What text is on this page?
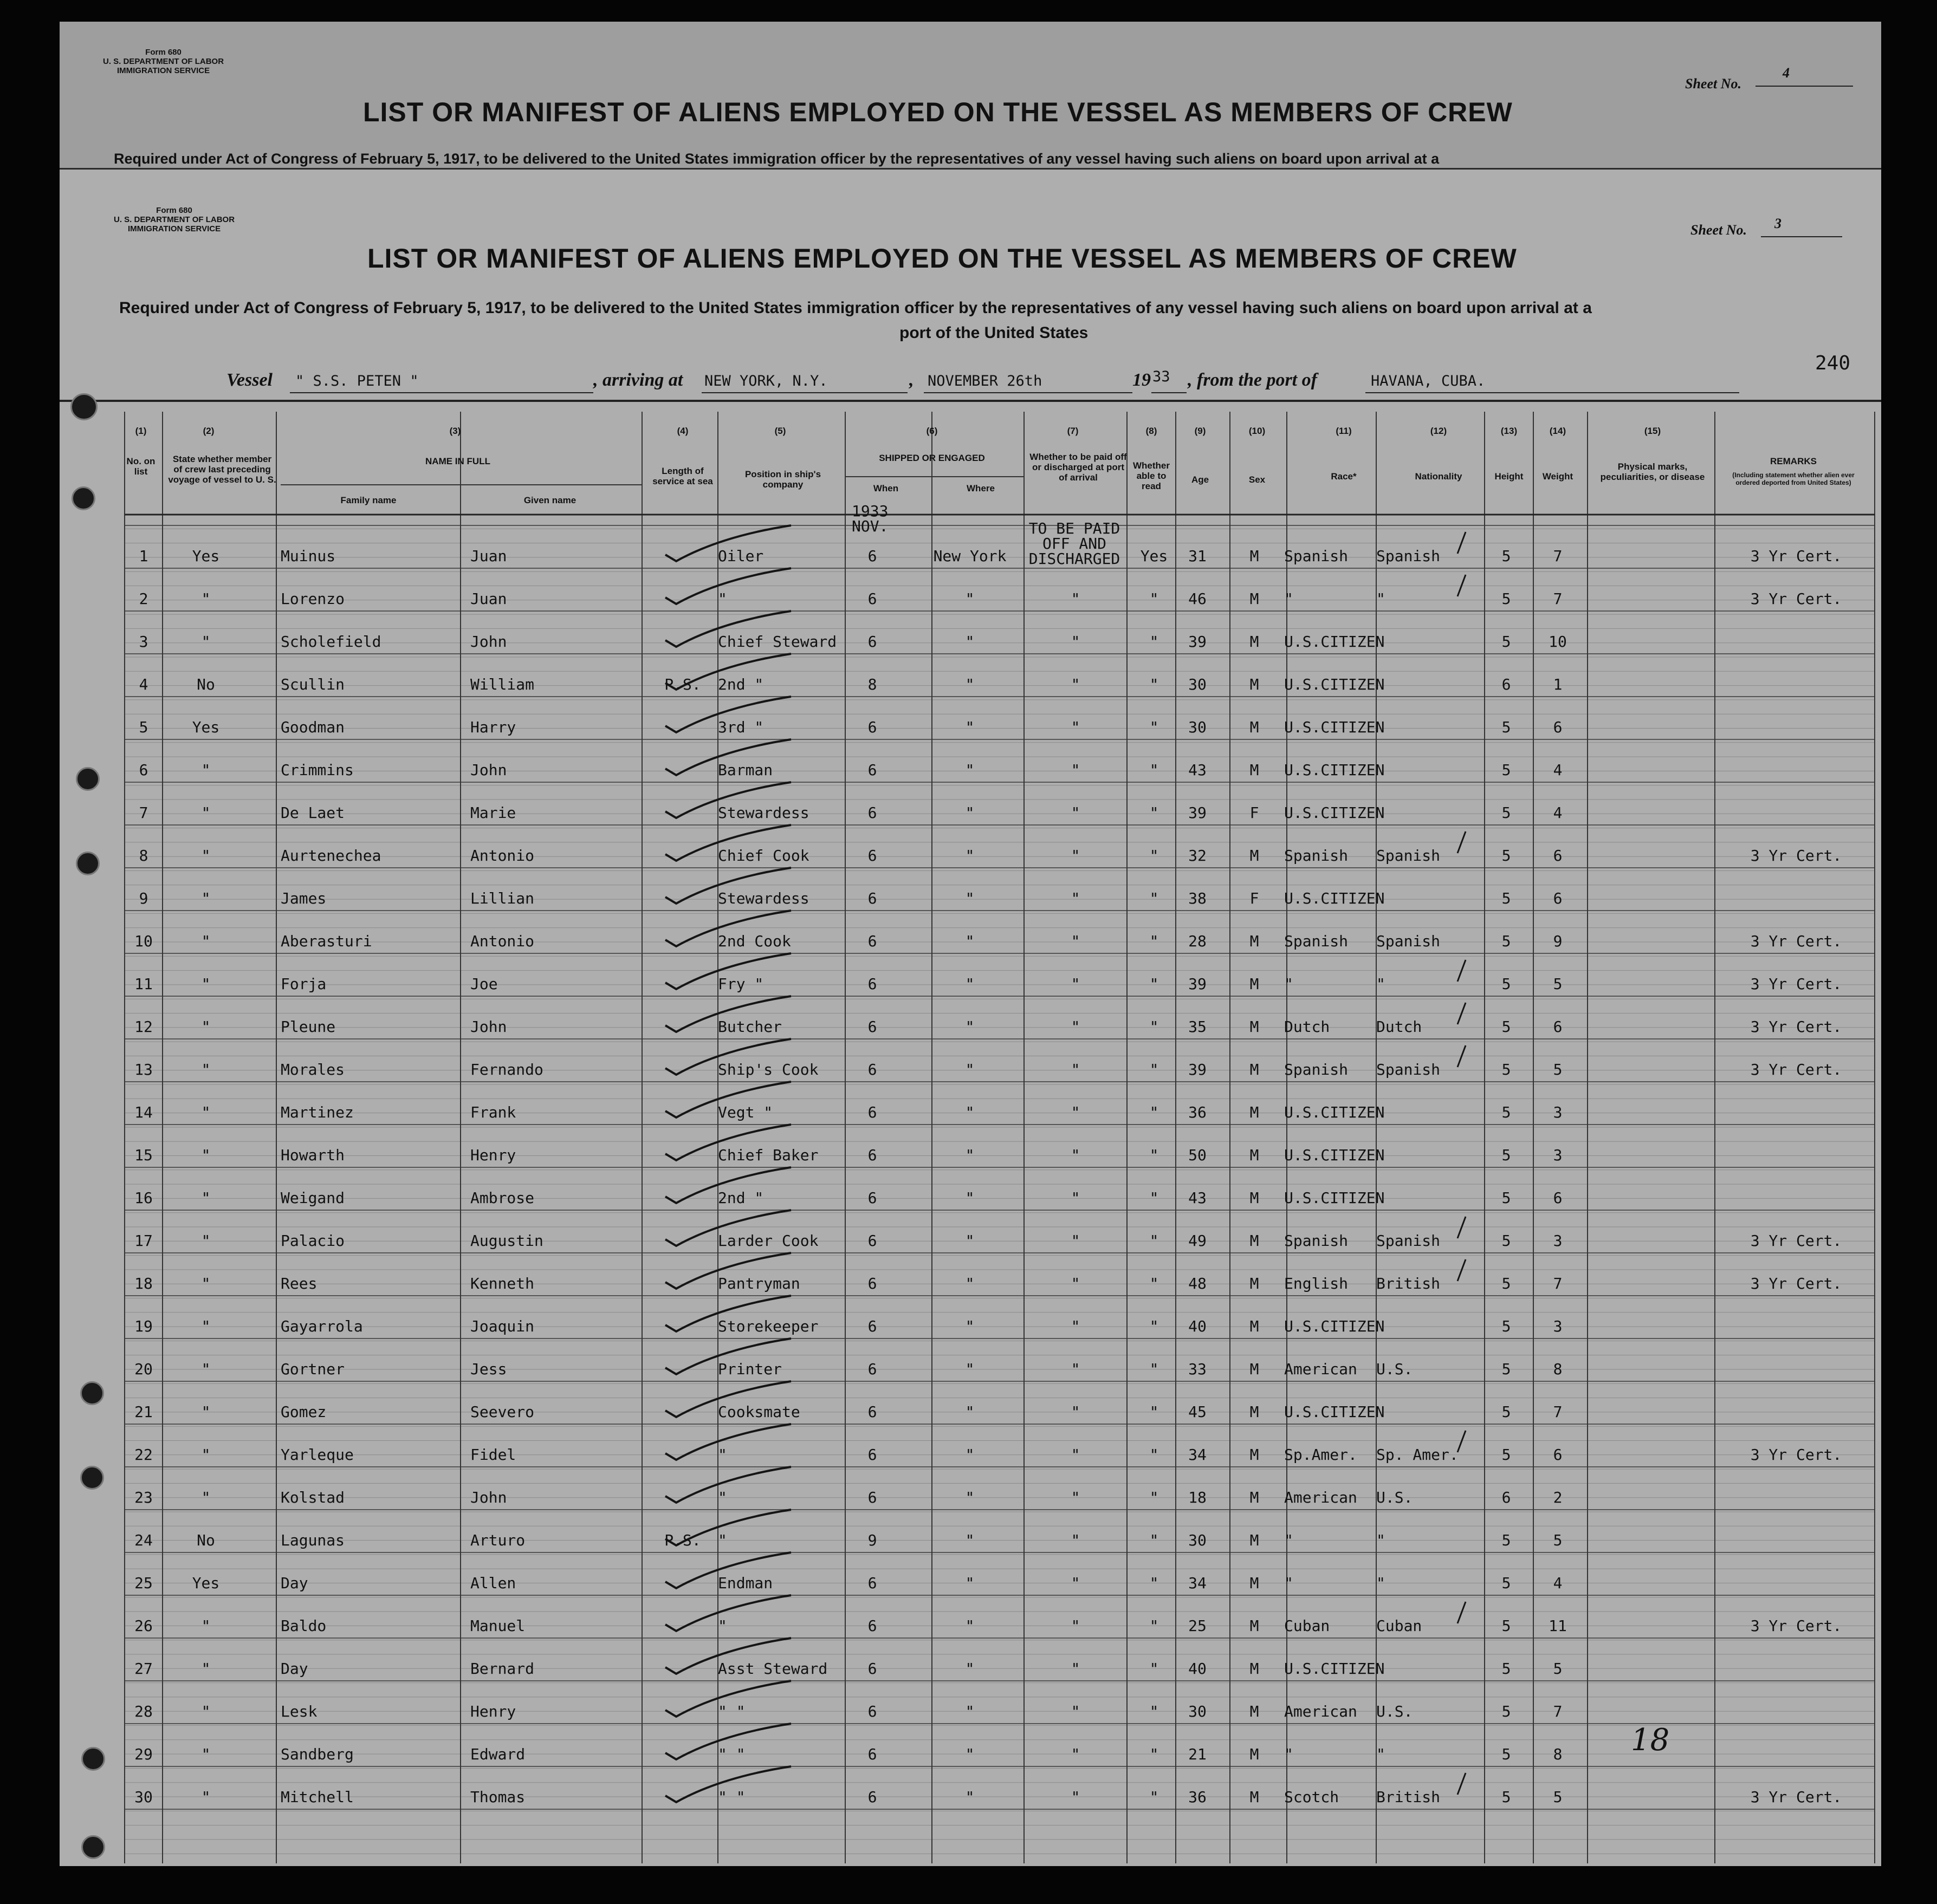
Form 680
U. S. DEPARTMENT OF LABOR
IMMIGRATION SERVICE
Sheet No.
4
LIST OR MANIFEST OF ALIENS EMPLOYED ON THE VESSEL AS MEMBERS OF CREW
Required under Act of Congress of February 5, 1917, to be delivered to the United States immigration officer by the representatives of any vessel having such aliens on board upon arrival at a
Form 680
U. S. DEPARTMENT OF LABOR
IMMIGRATION SERVICE	Sheet No. 3
LIST OR MANIFEST OF ALIENS EMPLOYED ON THE VESSEL AS MEMBERS OF CREW
Required under Act of Congress of February 5, 1917, to be delivered to the United States immigration officer by the representatives of any vessel having such aliens on board upon arrival at a
port of the United States
240
Vessel " S.S. PETEN "	, arriving at NEW YORK, N.Y.	, NOVEMBER 26th	19 33 , from the port of	HAVANA, CUBA.
(1)
No. on list
(2)
State whether member of crew last preceding voyage of vessel to U. S.
(3)
NAME IN FULL
Family name	Given name
(4)
Length of service at sea
(5)
Position in ship's company
(6)
SHIPPED OR ENGAGED
When	Where
(7)
Whether to be paid off or discharged at port of arrival
(8)
Whether able to read
(9)
Age
(10)
Sex
(11)
Race*
(12)
Nationality
(13)
Height
(14)
Weight
(15)
Physical marks, peculiarities, or disease
REMARKS
(Including statement whether alien ever ordered deported from United States)
1933 NOV.	TO BE PAID OFF AND DISCHARGED
18
1	Yes	Muinus	Juan	Oiler	6	New York	Yes	31	M	Spanish	Spanish	5	7	3 Yr Cert.
2	"	Lorenzo	Juan	"	6	"	"	"	46	M	"	"	5	7	3 Yr Cert.
3	"	Scholefield	John	Chief Steward	6	"	"	"	39	M	U.S.CITIZEN	5	10
4	No	Scullin	William	P.S.	2nd "	8	"	"	"	30	M	U.S.CITIZEN	6	1
5	Yes	Goodman	Harry	3rd "	6	"	"	"	30	M	U.S.CITIZEN	5	6
6	"	Crimmins	John	Barman	6	"	"	"	43	M	U.S.CITIZEN	5	4
7	"	De Laet	Marie	Stewardess	6	"	"	"	39	F	U.S.CITIZEN	5	4
8	"	Aurtenechea	Antonio	Chief Cook	6	"	"	"	32	M	Spanish	Spanish	5	6	3 Yr Cert.
9	"	James	Lillian	Stewardess	6	"	"	"	38	F	U.S.CITIZEN	5	6
10	"	Aberasturi	Antonio	2nd Cook	6	"	"	"	28	M	Spanish	Spanish	5	9	3 Yr Cert.
11	"	Forja	Joe	Fry "	6	"	"	"	39	M	"	"	5	5	3 Yr Cert.
12	"	Pleune	John	Butcher	6	"	"	"	35	M	Dutch	Dutch	5	6	3 Yr Cert.
13	"	Morales	Fernando	Ship's Cook	6	"	"	"	39	M	Spanish	Spanish	5	5	3 Yr Cert.
14	"	Martinez	Frank	Vegt "	6	"	"	"	36	M	U.S.CITIZEN	5	3
15	"	Howarth	Henry	Chief Baker	6	"	"	"	50	M	U.S.CITIZEN	5	3
16	"	Weigand	Ambrose	2nd "	6	"	"	"	43	M	U.S.CITIZEN	5	6
17	"	Palacio	Augustin	Larder Cook	6	"	"	"	49	M	Spanish	Spanish	5	3	3 Yr Cert.
18	"	Rees	Kenneth	Pantryman	6	"	"	"	48	M	English	British	5	7	3 Yr Cert.
19	"	Gayarrola	Joaquin	Storekeeper	6	"	"	"	40	M	U.S.CITIZEN	5	3
20	"	Gortner	Jess	Printer	6	"	"	"	33	M	American	U.S.	5	8
21	"	Gomez	Seevero	Cooksmate	6	"	"	"	45	M	U.S.CITIZEN	5	7
22	"	Yarleque	Fidel	"	6	"	"	"	34	M	Sp.Amer.	Sp. Amer.	5	6	3 Yr Cert.
23	"	Kolstad	John	"	6	"	"	"	18	M	American	U.S.	6	2
24	No	Lagunas	Arturo	P.S.	"	9	"	"	"	30	M	"	"	5	5
25	Yes	Day	Allen	Endman	6	"	"	"	34	M	"	"	5	4
26	"	Baldo	Manuel	"	6	"	"	"	25	M	Cuban	Cuban	5	11	3 Yr Cert.
27	"	Day	Bernard	Asst Steward	6	"	"	"	40	M	U.S.CITIZEN	5	5
28	"	Lesk	Henry	" "	6	"	"	"	30	M	American	U.S.	5	7
29	"	Sandberg	Edward	" "	6	"	"	"	21	M	"	"	5	8
30	"	Mitchell	Thomas	" "	6	"	"	"	36	M	Scotch	British	5	5	3 Yr Cert.
